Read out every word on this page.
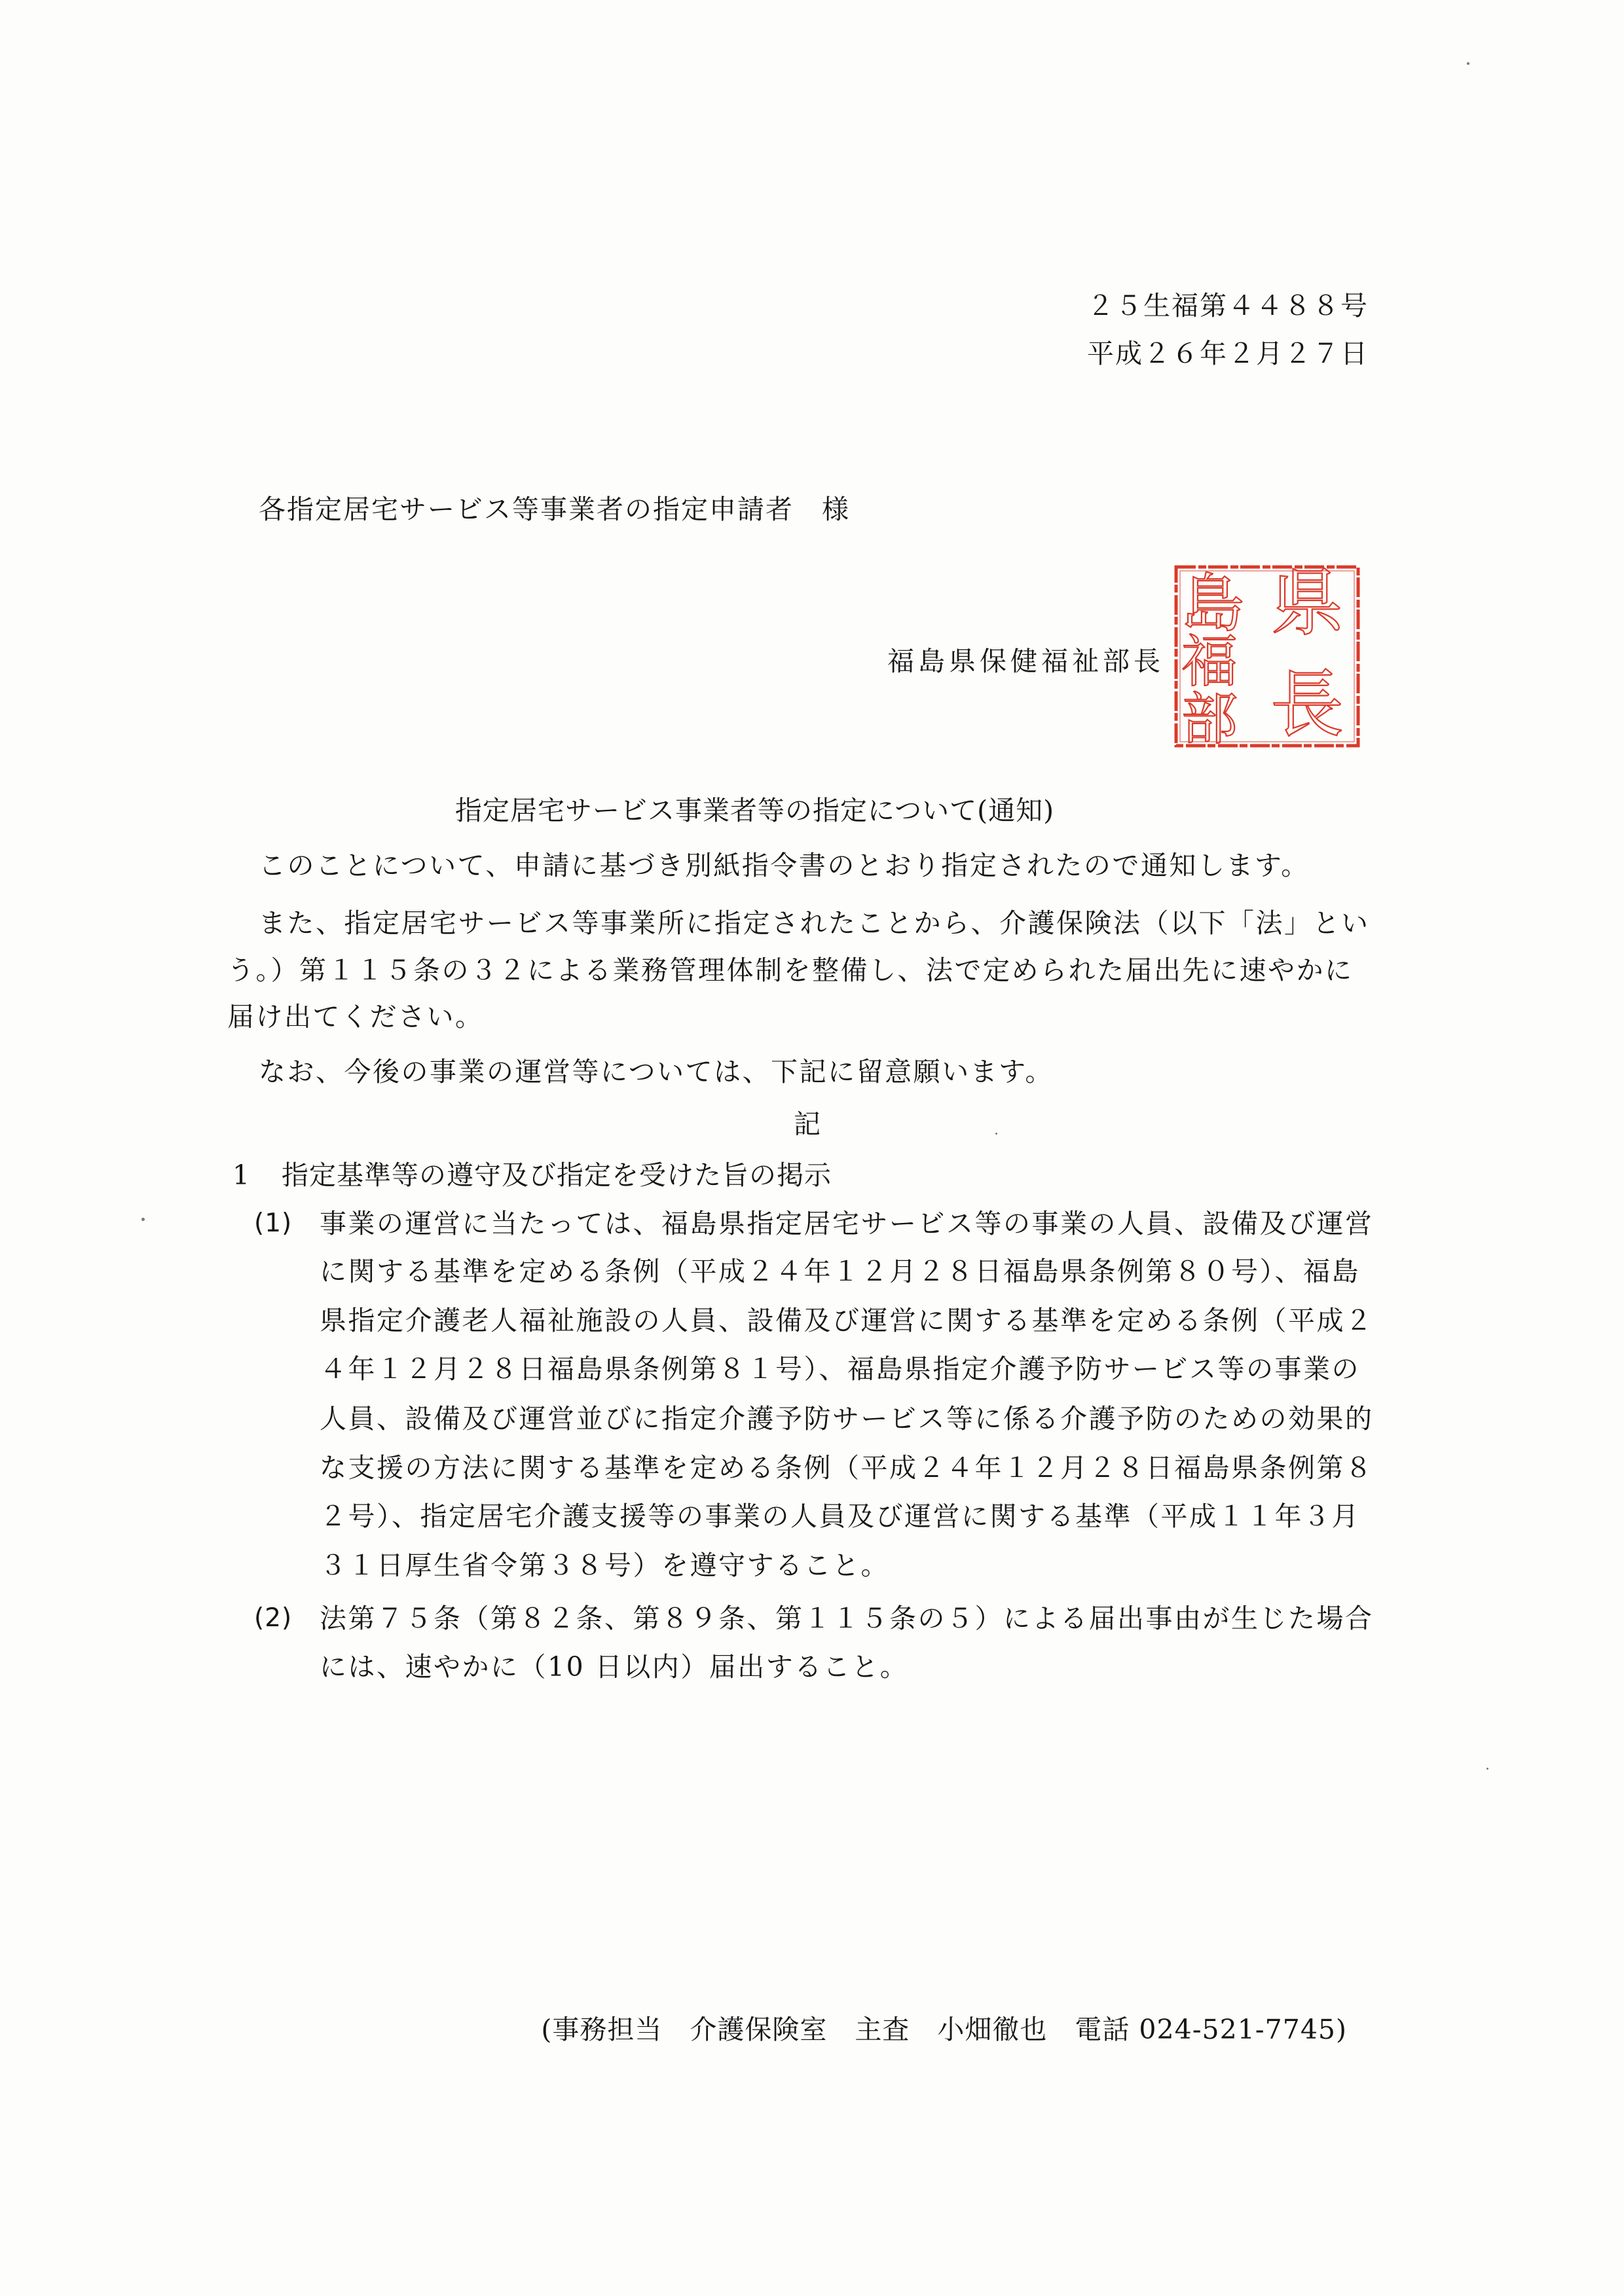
２５生福第４４８８号
平成２６年２月２７日
各指定居宅サービス等事業者の指定申請者　様
福島県保健福祉部長
県
長
島
福
部
指定居宅サービス事業者等の指定について(通知)
このことについて、申請に基づき別紙指令書のとおり指定されたので通知します。
また、指定居宅サービス等事業所に指定されたことから、介護保険法（以下「法」とい
う。）第１１５条の３２による業務管理体制を整備し、法で定められた届出先に速やかに
届け出てください。
なお、今後の事業の運営等については、下記に留意願います。
記
1 指定基準等の遵守及び指定を受けた旨の掲示
(1) 事業の運営に当たっては、福島県指定居宅サービス等の事業の人員、設備及び運営
に関する基準を定める条例（平成２４年１２月２８日福島県条例第８０号）、福島
県指定介護老人福祉施設の人員、設備及び運営に関する基準を定める条例（平成２
４年１２月２８日福島県条例第８１号）、福島県指定介護予防サービス等の事業の
人員、設備及び運営並びに指定介護予防サービス等に係る介護予防のための効果的
な支援の方法に関する基準を定める条例（平成２４年１２月２８日福島県条例第８
２号）、指定居宅介護支援等の事業の人員及び運営に関する基準（平成１１年３月
３１日厚生省令第３８号）を遵守すること。
(2) 法第７５条（第８２条、第８９条、第１１５条の５）による届出事由が生じた場合
には、速やかに（10 日以内）届出すること。
(事務担当　介護保険室　主査　小畑徹也　電話 024-521-7745)
